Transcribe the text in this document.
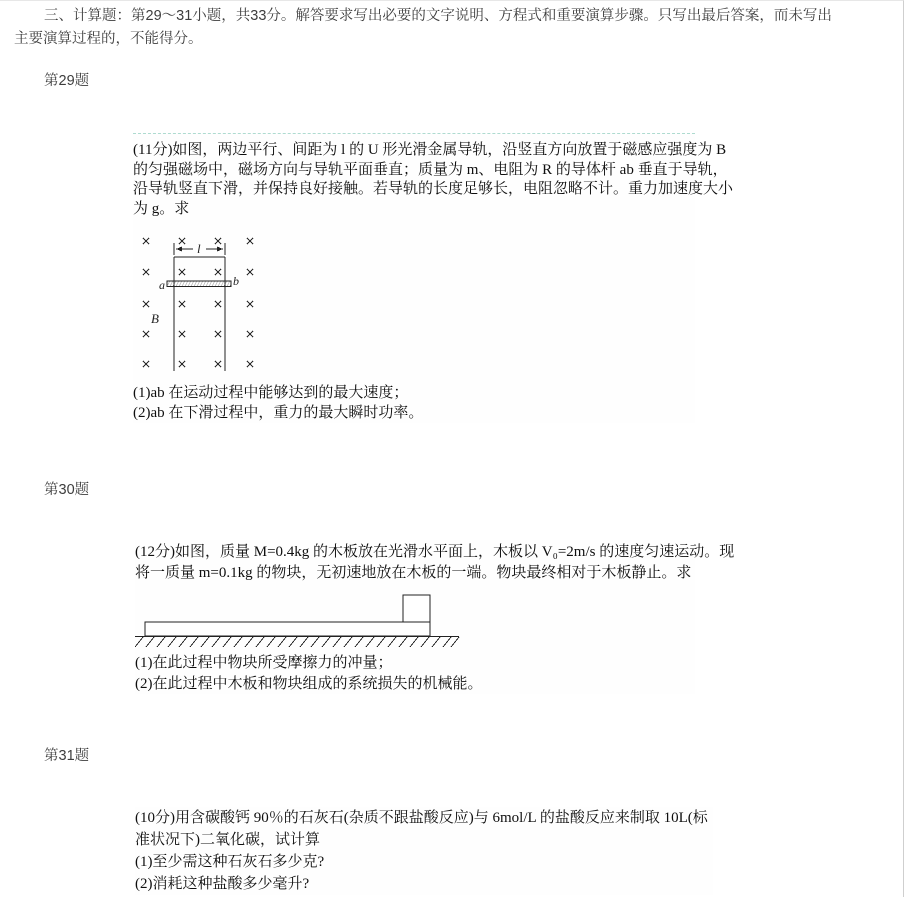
三、计算题：第29～31小题，共33分。解答要求写出必要的文字说明、方程式和重要演算步骤。只写出最后答案，而未写出
主要演算过程的，不能得分。
第29题
(11分)如图，两边平行、间距为 l 的 U 形光滑金属导轨，沿竖直方向放置于磁感应强度为 B
的匀强磁场中，磁场方向与导轨平面垂直；质量为 m、电阻为 R 的导体杆 ab 垂直于导轨，
沿导轨竖直下滑，并保持良好接触。若导轨的长度足够长，电阻忽略不计。重力加速度大小
为 g。求
l
a	b
B
(1)ab 在运动过程中能够达到的最大速度；
(2)ab 在下滑过程中，重力的最大瞬时功率。
第30题
(12分)如图，质量 M=0.4kg 的木板放在光滑水平面上，木板以 V₀=2m/s 的速度匀速运动。现
将一质量 m=0.1kg 的物块，无初速地放在木板的一端。物块最终相对于木板静止。求
(1)在此过程中物块所受摩擦力的冲量；
(2)在此过程中木板和物块组成的系统损失的机械能。
第31题
(10分)用含碳酸钙 90％的石灰石(杂质不跟盐酸反应)与 6mol/L 的盐酸反应来制取 10L(标
准状况下)二氧化碳，试计算
(1)至少需这种石灰石多少克?
(2)消耗这种盐酸多少毫升?
